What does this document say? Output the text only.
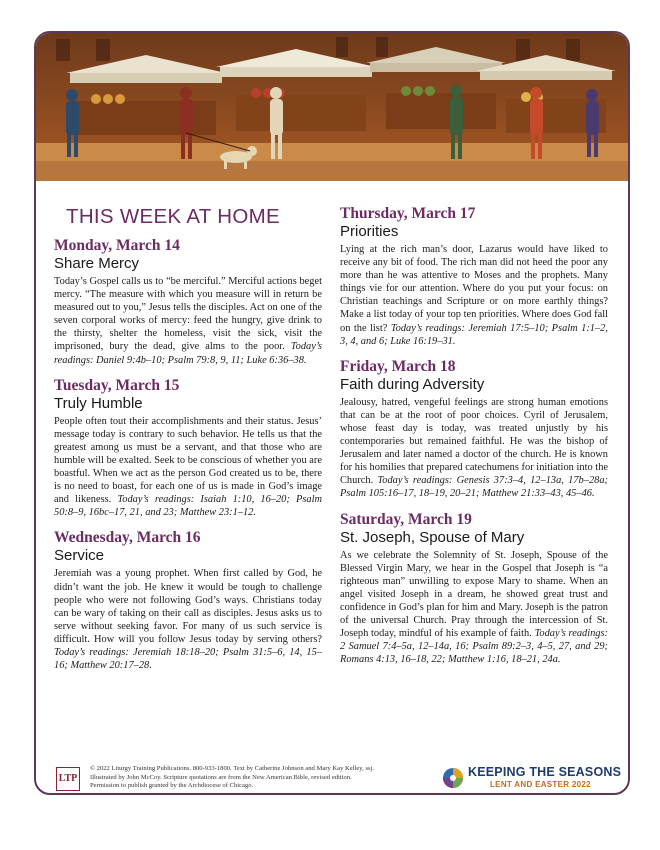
THIS WEEK AT HOME
Monday, March 14
Share Mercy
Today’s Gospel calls us to “be merciful.” Merciful actions beget mercy. “The measure with which you measure will in return be measured out to you,” Jesus tells the disciples. Act on one of the seven corporal works of mercy: feed the hungry, give drink to the thirsty, shelter the homeless, visit the sick, visit the imprisoned, bury the dead, give alms to the poor. Today’s readings: Daniel 9:4b–10; Psalm 79:8, 9, 11; Luke 6:36–38.
Tuesday, March 15
Truly Humble
People often tout their accomplishments and their status. Jesus’ message today is contrary to such behavior. He tells us that the greatest among us must be a servant, and that those who are humble will be exalted. Seek to be conscious of whether you are boastful. When we act as the person God created us to be, there is no need to boast, for each one of us is made in God’s image and likeness. Today’s readings: Isaiah 1:10, 16–20; Psalm 50:8–9, 16bc–17, 21, and 23; Matthew 23:1–12.
Wednesday, March 16
Service
Jeremiah was a young prophet. When first called by God, he didn’t want the job. He knew it would be tough to challenge people who were not following God’s ways. Christians today can be wary of taking on their call as disciples. Jesus asks us to serve without seeking favor. For many of us such service is difficult. How will you follow Jesus today by serving others? Today’s readings: Jeremiah 18:18–20; Psalm 31:5–6, 14, 15–16; Matthew 20:17–28.
Thursday, March 17
Priorities
Lying at the rich man’s door, Lazarus would have liked to receive any bit of food. The rich man did not heed the poor any more than he was attentive to Moses and the prophets. Many things vie for our attention. Where do you put your focus: on Christian teachings and Scripture or on more earthly things? Make a list today of your top ten priorities. Where does God fall on the list? Today’s readings: Jeremiah 17:5–10; Psalm 1:1–2, 3, 4, and 6; Luke 16:19–31.
Friday, March 18
Faith during Adversity
Jealousy, hatred, vengeful feelings are strong human emotions that can be at the root of poor choices. Cyril of Jerusalem, whose feast day is today, was treated unjustly by his contemporaries but remained faithful. He was the bishop of Jerusalem and later named a doctor of the church. He is known for his homilies that prepared catechumens for initiation into the Church. Today’s readings: Genesis 37:3–4, 12–13a, 17b–28a; Psalm 105:16–17, 18–19, 20–21; Matthew 21:33–43, 45–46.
Saturday, March 19
St. Joseph, Spouse of Mary
As we celebrate the Solemnity of St. Joseph, Spouse of the Blessed Virgin Mary, we hear in the Gospel that Joseph is “a righteous man” unwilling to expose Mary to shame. When an angel visited Joseph in a dream, he showed great trust and confidence in God’s plan for him and Mary. Joseph is the patron of the universal Church. Pray through the intercession of St. Joseph today, mindful of his example of faith. Today’s readings: 2 Samuel 7:4–5a, 12–14a, 16; Psalm 89:2–3, 4–5, 27, and 29; Romans 4:13, 16–18, 22; Matthew 1:16, 18–21, 24a.
LTP
© 2022 Liturgy Training Publications. 800-933-1800. Text by Catherine Johnson and Mary Kay Kelley, ssj.
Illustrated by John McCoy. Scripture quotations are from the New American Bible, revised edition.
Permission to publish granted by the Archdiocese of Chicago.
KEEPING THE SEASONS
LENT AND EASTER 2022
